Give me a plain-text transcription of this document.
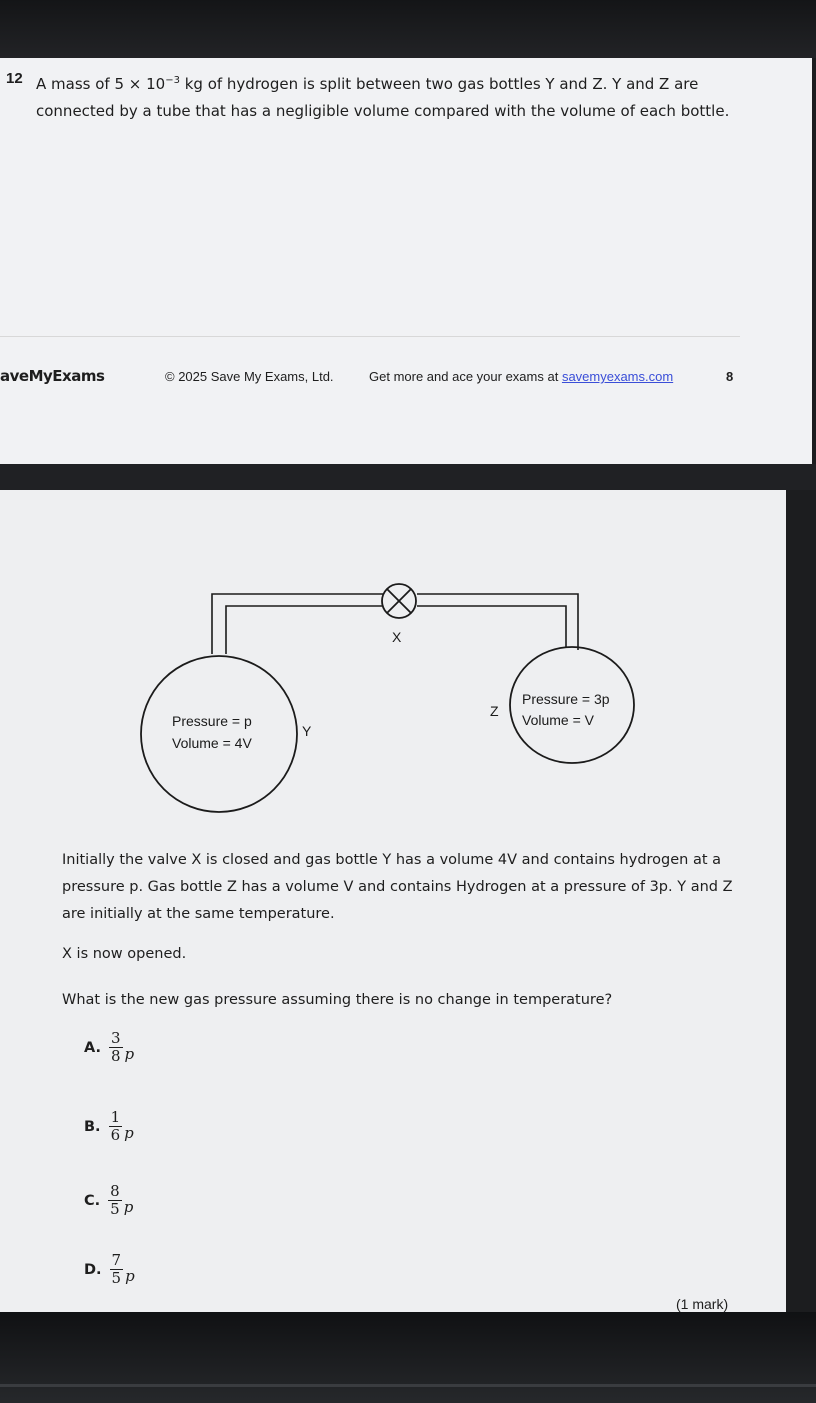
12 A mass of $5 \times 10^{-3}$ kg of hydrogen is split between two gas bottles Y and Z. Y and Z are connected by a tube that has a negligible volume compared with the volume of each bottle.

aveMyExams	© 2025 Save My Exams, Ltd.	Get more and ace your exams at savemyexams.com	8
X
Pressure = p
Volume = 4V
Y
Z
Pressure = 3p
Volume = V

Initially the valve X is closed and gas bottle Y has a volume 4V and contains hydrogen at a pressure p. Gas bottle Z has a volume V and contains Hydrogen at a pressure of 3p. Y and Z are initially at the same temperature.

X is now opened.

What is the new gas pressure assuming there is no change in temperature?

A. $\frac{3}{8}$ p
B. $\frac{1}{6}$ p
C. $\frac{8}{5}$ p
D. $\frac{7}{5}$ p
(1 mark)
